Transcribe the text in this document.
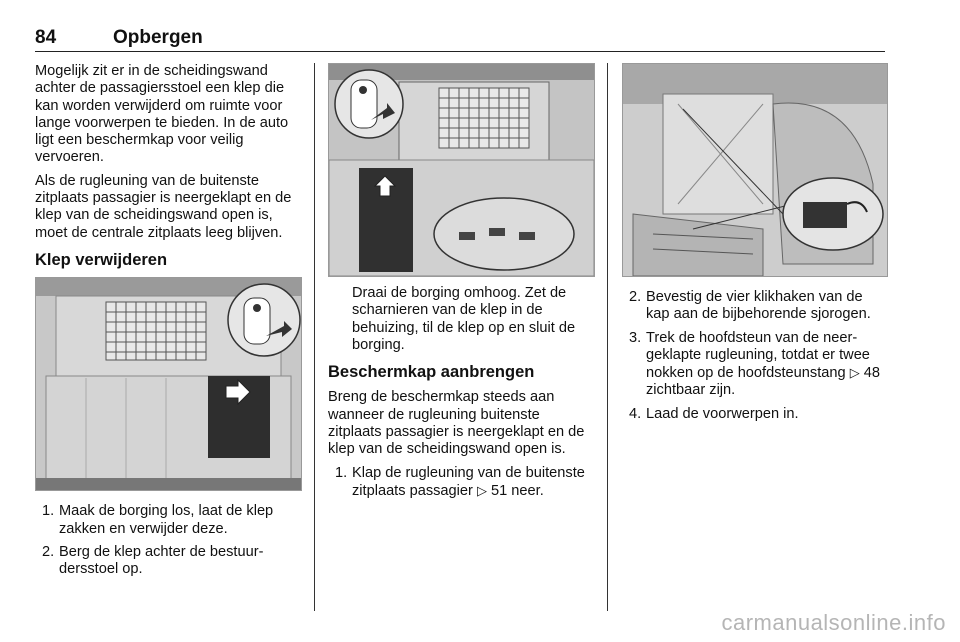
84	Opbergen

Mogelijk zit er in de scheidingswand achter de passagiersstoel een klep die kan worden verwijderd om ruimte voor lange voorwerpen te bieden. In de auto ligt een beschermkap voor veilig vervoeren.

Als de rugleuning van de buitenste zitplaats passagier is neergeklapt en de klep van de scheidingswand open is, moet de centrale zitplaats leeg blijven.

Klep verwijderen
1. Maak de borging los, laat de klep zakken en verwijder deze.
2. Berg de klep achter de bestuurdersstoel op.
Draai de borging omhoog. Zet de scharnieren van de klep in de behuizing, til de klep op en sluit de borging.
Beschermkap aanbrengen

Breng de beschermkap steeds aan wanneer de rugleuning buitenste zitplaats passagier is neergeklapt en de klep van de scheidingswand open is.

1. Klap de rugleuning van de buitenste zitplaats passagier ▷ 51 neer.
2. Bevestig de vier klikhaken van de kap aan de bijbehorende sjorogen.
3. Trek de hoofdsteun van de neergeklapte rugleuning, totdat er twee nokken op de hoofdsteunstang ▷ 48 zichtbaar zijn.
4. Laad de voorwerpen in.
carmanualsonline.info
